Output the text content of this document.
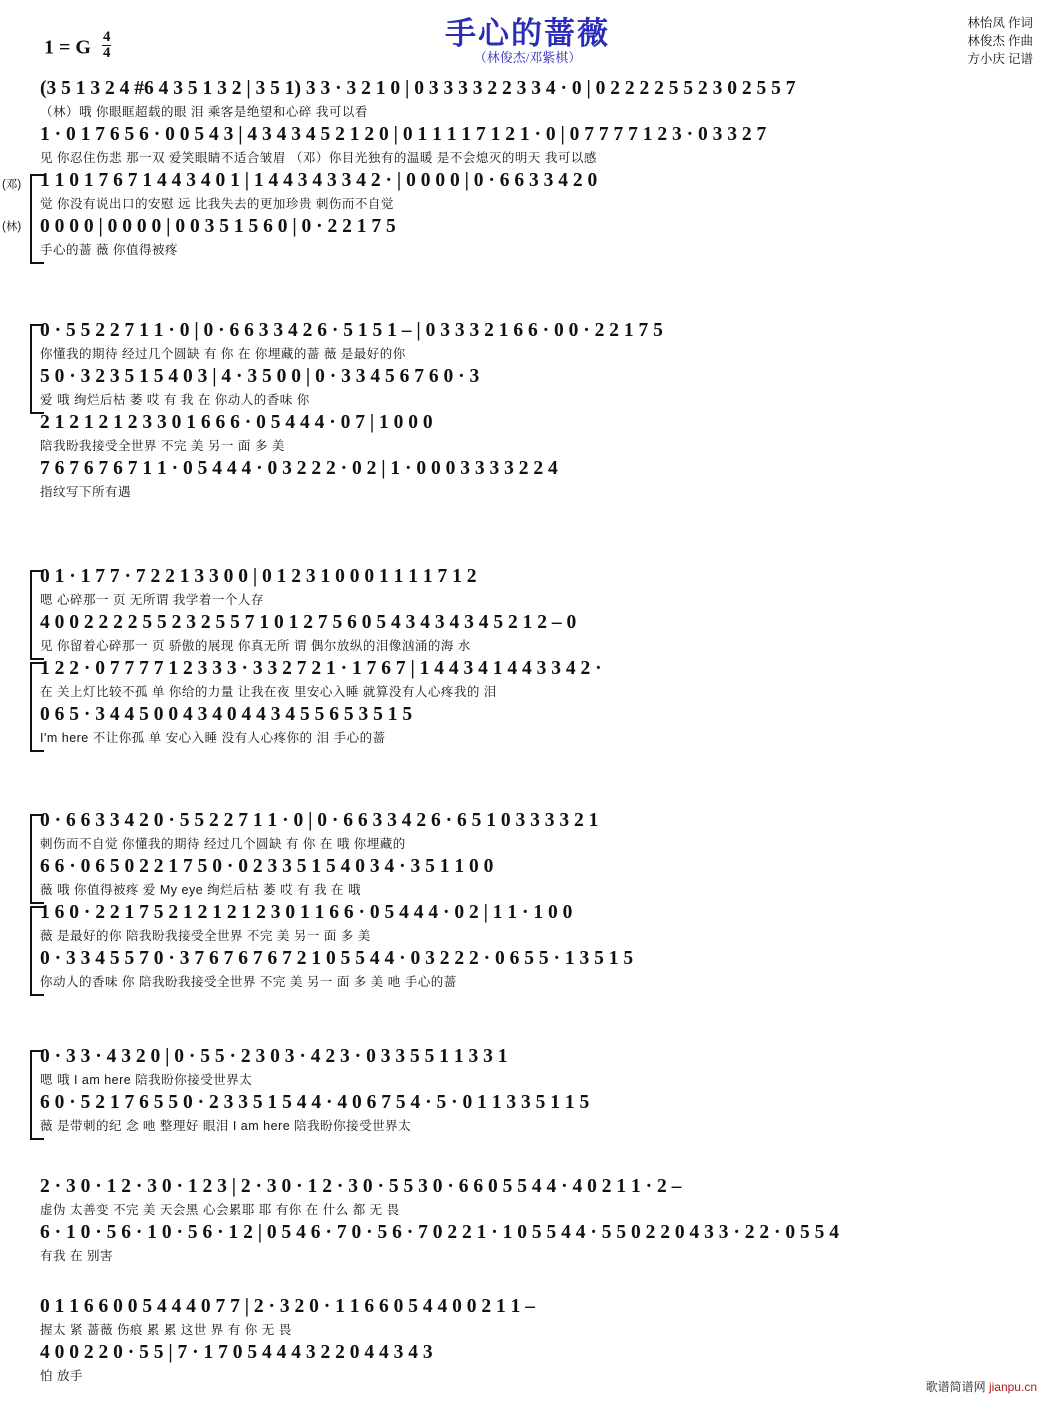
1 = G $\frac{4}{4}$	手心的蔷薇
（林俊杰/邓紫棋）
林怡凤 作词
林俊杰 作曲
方小庆 记谱
(3 5 1 3 2 4 #6 4 3 5 1 3 2 | 3 5 1) 3 3 · 3 2 1 0 | 0 3 3 3 3 2 2 3 3 4 · 0 | 0 2 2 2 2 5 5 2 3 0 2 5 5 7
（林）哦 你眼眶超载的眼 泪 乘客是绝望和心碎 我可以看
1 · 0 1 7 6 5 6 · 0 0 5 4 3 | 4 3 4 3 4 5 2 1 2 0 | 0 1 1 1 1 7 1 2 1 · 0 | 0 7 7 7 7 1 2 3 · 0 3 3 2 7
见 你忍住伤悲 那一双 爱笑眼睛不适合皱眉 （邓）你目光独有的温暖 是不会熄灭的明天 我可以感
(邓) 1 1 0 1 7 6 7 1 4 4 3 4 0 1 | 1 4 4 3 4 3 3 4 2 · | 0 0 0 0 | 0 · 6 6 3 3 4 2 0
觉 你没有说出口的安慰 远 比我失去的更加珍贵 刺伤而不自觉
(林) 0 0 0 0 | 0 0 0 0 | 0 0 3 5 1 5 6 0 | 0 · 2 2 1 7 5
手心的蔷 薇 你值得被疼
0 · 5 5 2 2 7 1 1 · 0 | 0 · 6 6 3 3 4 2 6 · 5 1 5 1 – | 0 3 3 3 2 1 6 6 · 0 0 · 2 2 1 7 5
你懂我的期待 经过几个圆缺 有 你 在 你埋藏的蔷 薇 是最好的你
5 0 · 3 2 3 5 1 5 4 0 3 | 4 · 3 5 0 0 | 0 · 3 3 4 5 6 7 6 0 · 3
爱 哦 绚烂后枯 萎 哎 有 我 在 你动人的香味 你
2 1 2 1 2 1 2 3 3 0 1 6 6 6 · 0 5 4 4 4 · 0 7 | 1 0 0 0
陪我盼我接受全世界 不完 美 另一 面 多 美
7 6 7 6 7 6 7 1 1 · 0 5 4 4 4 · 0 3 2 2 2 · 0 2 | 1 · 0 0 0 3 3 3 3 2 2 4
指纹写下所有遇
0 1 · 1 7 7 · 7 2 2 1 3 3 0 0 | 0 1 2 3 1 0 0 0 1 1 1 1 7 1 2
嗯 心碎那一 页 无所谓 我学着一个人存
4 0 0 2 2 2 2 5 5 2 3 2 5 5 7 1 0 1 2 7 5 6 0 5 4 3 4 3 4 3 4 5 2 1 2 – 0
见 你留着心碎那一 页 骄傲的展现 你真无所 谓 偶尔放纵的泪像汹涌的海 水
1 2 2 · 0 7 7 7 7 1 2 3 3 3 · 3 3 2 7 2 1 · 1 7 6 7 | 1 4 4 3 4 1 4 4 3 3 4 2 ·
在 关上灯比较不孤 单 你给的力量 让我在夜 里安心入睡 就算没有人心疼我的 泪
0 6 5 · 3 4 4 5 0 0 4 3 4 0 4 4 3 4 5 5 6 5 3 5 1 5
I'm here 不让你孤 单 安心入睡 没有人心疼你的 泪 手心的蔷
0 · 6 6 3 3 4 2 0 · 5 5 2 2 7 1 1 · 0 | 0 · 6 6 3 3 4 2 6 · 6 5 1 0 3 3 3 3 2 1
刺伤而不自觉 你懂我的期待 经过几个圆缺 有 你 在 哦 你埋藏的
6 6 · 0 6 5 0 2 2 1 7 5 0 · 0 2 3 3 5 1 5 4 0 3 4 · 3 5 1 1 0 0
薇 哦 你值得被疼 爱 My eye 绚烂后枯 萎 哎 有 我 在 哦
1 6 0 · 2 2 1 7 5 2 1 2 1 2 1 2 3 0 1 1 6 6 · 0 5 4 4 4 · 0 2 | 1 1 · 1 0 0
薇 是最好的你 陪我盼我接受全世界 不完 美 另一 面 多 美
0 · 3 3 4 5 5 7 0 · 3 7 6 7 6 7 6 7 2 1 0 5 5 4 4 · 0 3 2 2 2 · 0 6 5 5 · 1 3 5 1 5
你动人的香味 你 陪我盼我接受全世界 不完 美 另一 面 多 美 吔 手心的蔷
0 · 3 3 · 4 3 2 0 | 0 · 5 5 · 2 3 0 3 · 4 2 3 · 0 3 3 5 5 1 1 3 3 1
嗯 哦 I am here 陪我盼你接受世界太
6 0 · 5 2 1 7 6 5 5 0 · 2 3 3 5 1 5 4 4 · 4 0 6 7 5 4 · 5 · 0 1 1 3 3 5 1 1 5
薇 是带刺的纪 念 吔 整理好 眼泪 I am here 陪我盼你接受世界太
2 · 3 0 · 1 2 · 3 0 · 1 2 3 | 2 · 3 0 · 1 2 · 3 0 · 5 5 3 0 · 6 6 0 5 5 4 4 · 4 0 2 1 1 · 2 –
虚伪 太善变 不完 美 天会黑 心会累耶 耶 有你 在 什么 都 无 畏
6 · 1 0 · 5 6 · 1 0 · 5 6 · 1 2 | 0 5 4 6 · 7 0 · 5 6 · 7 0 2 2 1 · 1 0 5 5 4 4 · 5 5 0 2 2 0 4 3 3 · 2 2 · 0 5 5 4
有我 在 别害
0 1 1 6 6 0 0 5 4 4 4 0 7 7 | 2 · 3 2 0 · 1 1 6 6 0 5 4 4 0 0 2 1 1 –
握太 紧 蔷薇 伤痕 累 累 这世 界 有 你 无 畏
4 0 0 2 2 0 · 5 5 | 7 · 1 7 0 5 4 4 4 3 2 2 0 4 4 3 4 3
怕 放手
歌谱简谱网 jianpu.cn
